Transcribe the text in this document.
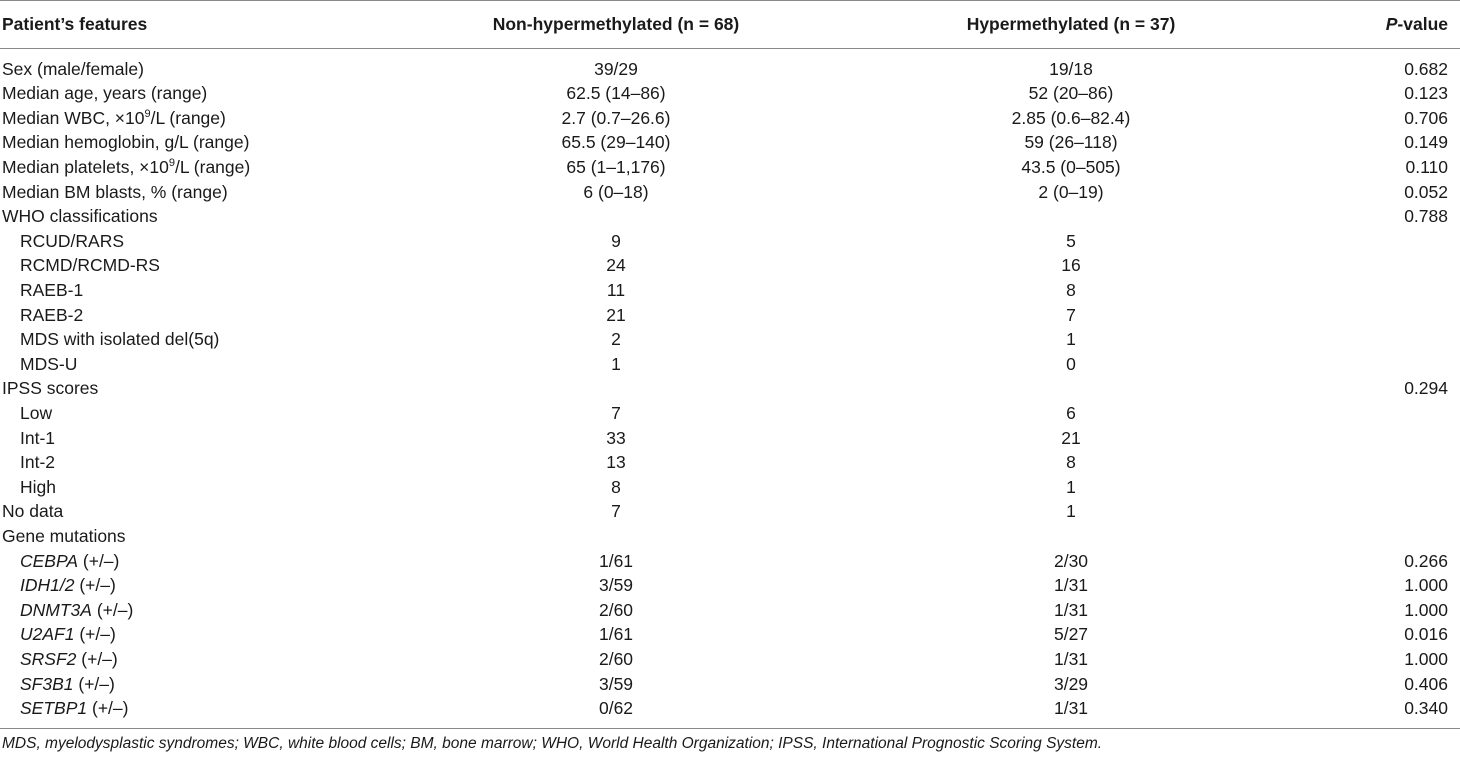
Patient’s features	Non-hypermethylated (n = 68)	Hypermethylated (n = 37)	P-value
Sex (male/female)	39/29	19/18	0.682
Median age, years (range)	62.5 (14–86)	52 (20–86)	0.123
Median WBC, $\times 10^9/L$ (range)	2.7 (0.7–26.6)	2.85 (0.6–82.4)	0.706
Median hemoglobin, g/L (range)	65.5 (29–140)	59 (26–118)	0.149
Median platelets, $\times 10^9/L$ (range)	65 (1–1,176)	43.5 (0–505)	0.110
Median BM blasts, % (range)	6 (0–18)	2 (0–19)	0.052
WHO classifications			0.788
RCUD/RARS	9	5	
RCMD/RCMD-RS	24	16	
RAEB-1	11	8	
RAEB-2	21	7	
MDS with isolated del(5q)	2	1	
MDS-U	1	0	
IPSS scores			0.294
Low	7	6	
Int-1	33	21	
Int-2	13	8	
High	8	1	
No data	7	1	
Gene mutations			
CEBPA (+/–)	1/61	2/30	0.266
IDH1/2 (+/–)	3/59	1/31	1.000
DNMT3A (+/–)	2/60	1/31	1.000
U2AF1 (+/–)	1/61	5/27	0.016
SRSF2 (+/–)	2/60	1/31	1.000
SF3B1 (+/–)	3/59	3/29	0.406
SETBP1 (+/–)	0/62	1/31	0.340
MDS, myelodysplastic syndromes; WBC, white blood cells; BM, bone marrow; WHO, World Health Organization; IPSS, International Prognostic Scoring System.
